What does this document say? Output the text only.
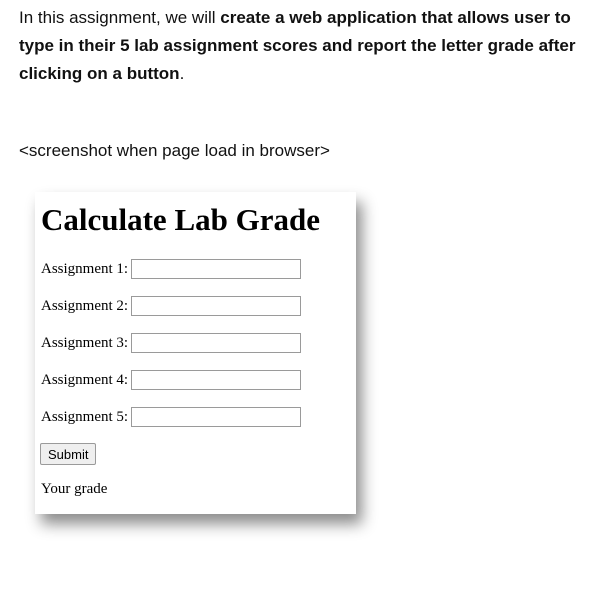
In this assignment, we will create a web application that allows user to type in their 5 lab assignment scores and report the letter grade after clicking on a button.

<screenshot when page load in browser>

Calculate Lab Grade
Assignment 1:
Assignment 2:
Assignment 3:
Assignment 4:
Assignment 5:
Submit
Your grade
